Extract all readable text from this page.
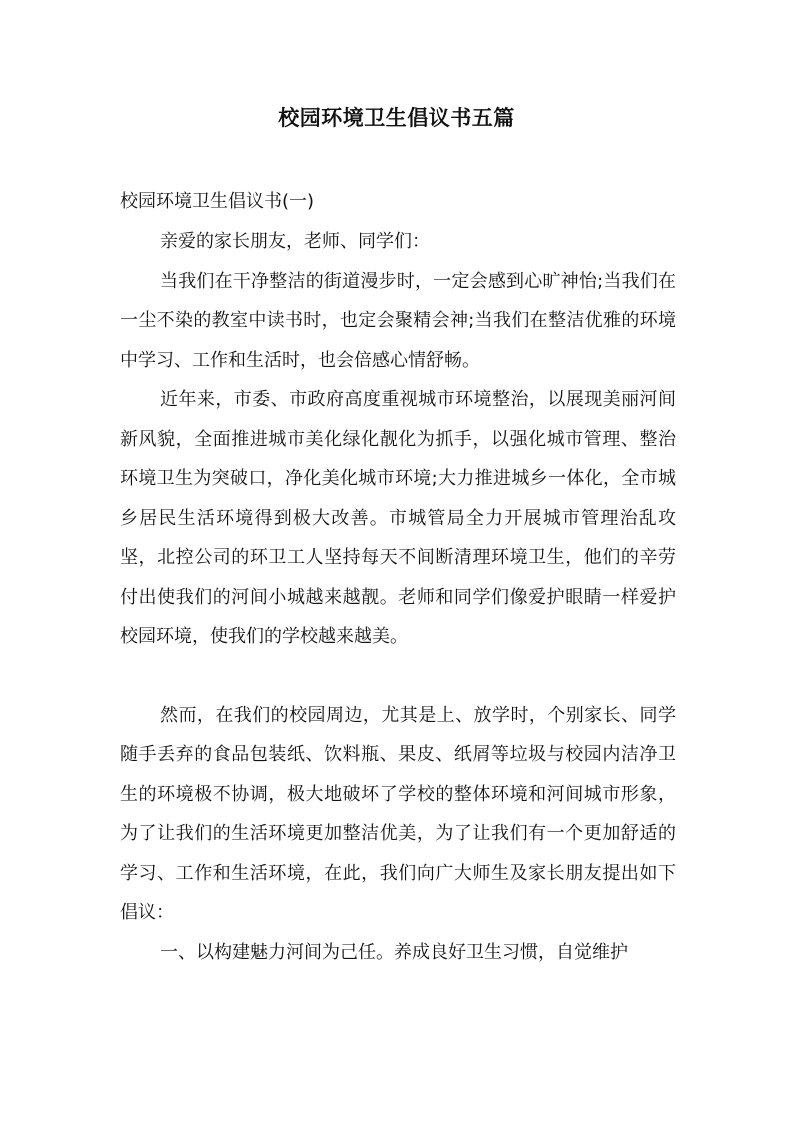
校园环境卫生倡议书五篇
校园环境卫生倡议书(一)

亲爱的家长朋友，老师、同学们：

当我们在干净整洁的街道漫步时，一定会感到心旷神怡;当我们在一尘不染的教室中读书时，也定会聚精会神;当我们在整洁优雅的环境中学习、工作和生活时，也会倍感心情舒畅。

近年来，市委、市政府高度重视城市环境整治，以展现美丽河间新风貌，全面推进城市美化绿化靓化为抓手，以强化城市管理、整治环境卫生为突破口，净化美化城市环境;大力推进城乡一体化，全市城乡居民生活环境得到极大改善。市城管局全力开展城市管理治乱攻坚，北控公司的环卫工人坚持每天不间断清理环境卫生，他们的辛劳付出使我们的河间小城越来越靓。老师和同学们像爱护眼睛一样爱护校园环境，使我们的学校越来越美。

然而，在我们的校园周边，尤其是上、放学时，个别家长、同学随手丢弃的食品包装纸、饮料瓶、果皮、纸屑等垃圾与校园内洁净卫生的环境极不协调，极大地破坏了学校的整体环境和河间城市形象，为了让我们的生活环境更加整洁优美，为了让我们有一个更加舒适的学习、工作和生活环境，在此，我们向广大师生及家长朋友提出如下倡议：

一、以构建魅力河间为己任。养成良好卫生习惯，自觉维护
